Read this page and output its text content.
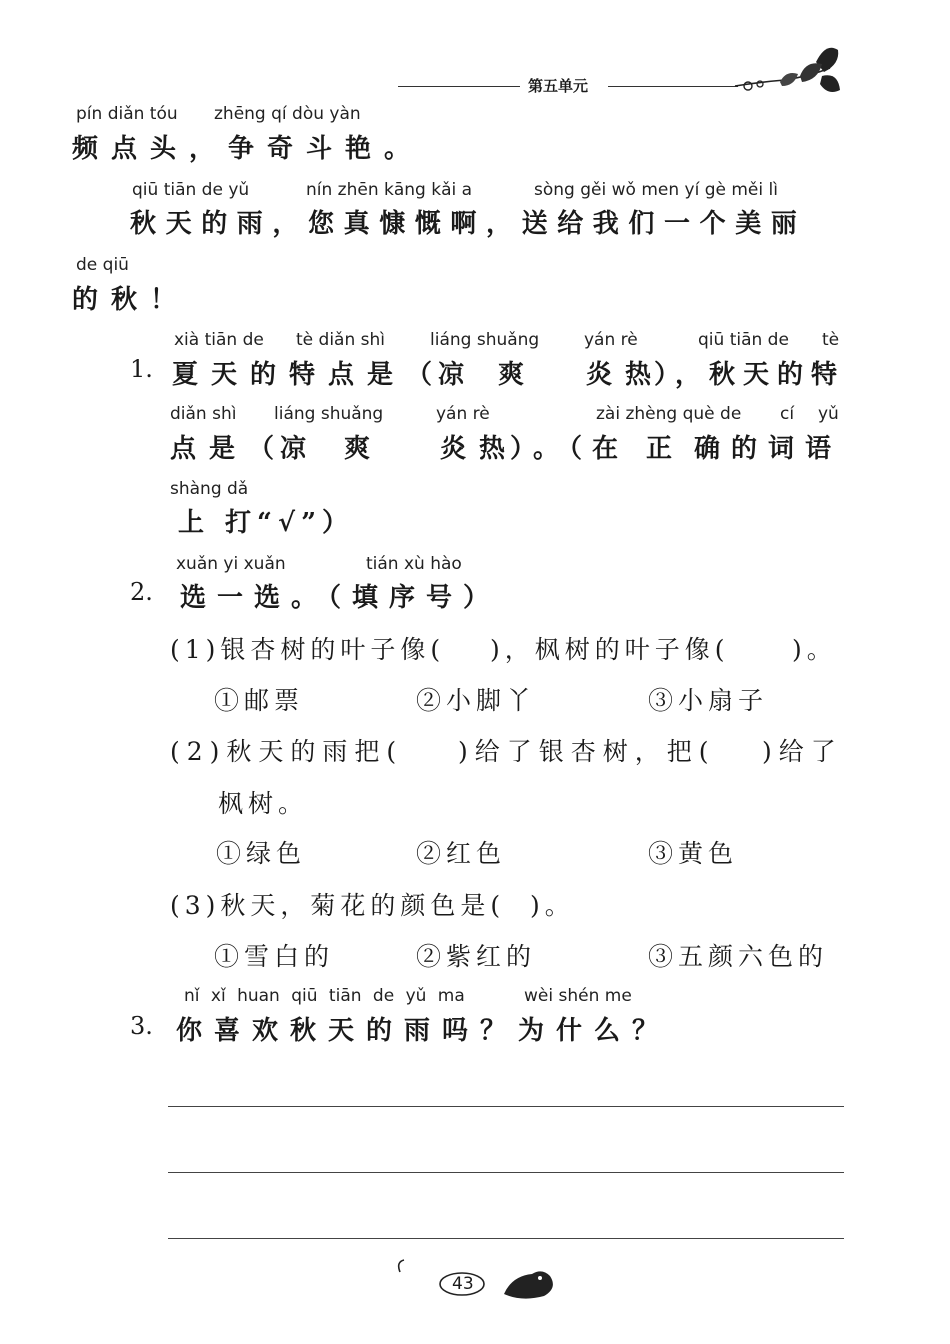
第五单元
pín diǎn tóu zhēng qí dòu yàn
频点头，争奇斗艳。
qiū tiān de yǔ	nín zhēn kāng kǎi a	sòng gěi wǒ men yí gè měi lì
秋天的雨，您真慷慨啊，送给我们一个美丽
de qiū
的秋！
xià tiān de tè diǎn shì	liáng shuǎng	yán rè	qiū tiān de tè
1. 夏天的特点是（
凉 爽 炎热
），秋天的特
diǎn shì liáng shuǎng	yán rè	zài zhèng què de cí yǔ
点是（
凉 爽 炎热
）。（在 正 确的词语
shàng dǎ
上 打“√”）
xuǎn yi xuǎn	tián xù hào
2. 选一选。（填序号）
(1)银杏树的叶子像( )，枫树的叶子像( )。
①邮票	②小脚丫	③小扇子
(2)秋天的雨把( )给了银杏树，把( )给了
枫树。
①绿色	②红色	③黄色
(3)秋天，菊花的颜色是( )。
①雪白的	②紫红的	③五颜六色的
nǐ xǐ huan qiū tiān de yǔ ma	wèi shén me
3. 你喜欢秋天的雨吗？为什么？
43
